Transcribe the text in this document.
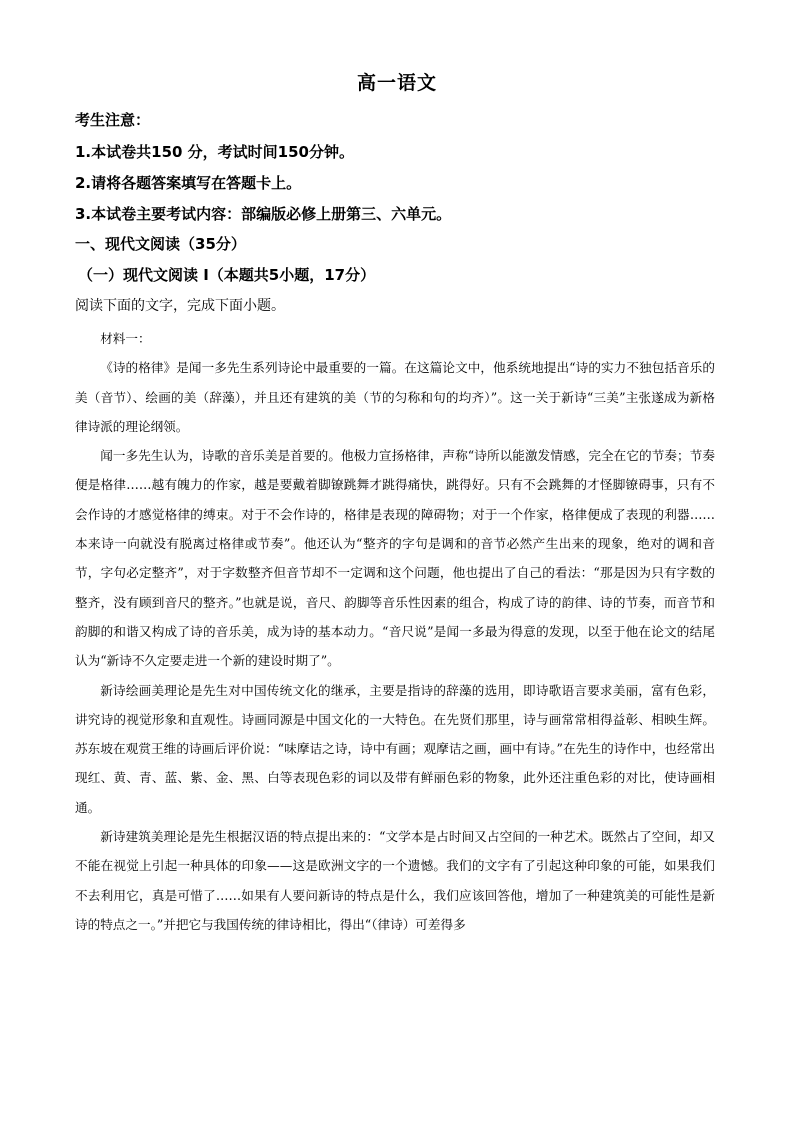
高一语文
考生注意：
1.本试卷共150 分，考试时间150分钟。
2.请将各题答案填写在答题卡上。
3.本试卷主要考试内容：部编版必修上册第三、六单元。
一、现代文阅读（35分）
（一）现代文阅读 I（本题共5小题，17分）
阅读下面的文字，完成下面小题。

材料一：

《诗的格律》是闻一多先生系列诗论中最重要的一篇。在这篇论文中，他系统地提出“诗的实力不独包括音乐的美（音节）、绘画的美（辞藻），并且还有建筑的美（节的匀称和句的均齐）”。这一关于新诗“三美”主张遂成为新格律诗派的理论纲领。

闻一多先生认为，诗歌的音乐美是首要的。他极力宣扬格律，声称“诗所以能激发情感，完全在它的节奏；节奏便是格律……越有魄力的作家，越是要戴着脚镣跳舞才跳得痛快，跳得好。只有不会跳舞的才怪脚镣碍事，只有不会作诗的才感觉格律的缚束。对于不会作诗的，格律是表现的障碍物；对于一个作家，格律便成了表现的利器……本来诗一向就没有脱离过格律或节奏”。他还认为“整齐的字句是调和的音节必然产生出来的现象，绝对的调和音节，字句必定整齐”，对于字数整齐但音节却不一定调和这个问题，他也提出了自己的看法：“那是因为只有字数的整齐，没有顾到音尺的整齐。”也就是说，音尺、韵脚等音乐性因素的组合，构成了诗的韵律、诗的节奏，而音节和韵脚的和谐又构成了诗的音乐美，成为诗的基本动力。“音尺说”是闻一多最为得意的发现，以至于他在论文的结尾认为“新诗不久定要走进一个新的建设时期了”。

新诗绘画美理论是先生对中国传统文化的继承，主要是指诗的辞藻的选用，即诗歌语言要求美丽，富有色彩，讲究诗的视觉形象和直观性。诗画同源是中国文化的一大特色。在先贤们那里，诗与画常常相得益彰、相映生辉。苏东坡在观赏王维的诗画后评价说：“味摩诘之诗，诗中有画；观摩诘之画，画中有诗。”在先生的诗作中，也经常出现红、黄、青、蓝、紫、金、黑、白等表现色彩的词以及带有鲜丽色彩的物象，此外还注重色彩的对比，使诗画相通。

新诗建筑美理论是先生根据汉语的特点提出来的：“文学本是占时间又占空间的一种艺术。既然占了空间，却又不能在视觉上引起一种具体的印象——这是欧洲文字的一个遗憾。我们的文字有了引起这种印象的可能，如果我们不去利用它，真是可惜了……如果有人要问新诗的特点是什么，我们应该回答他，增加了一种建筑美的可能性是新诗的特点之一。”并把它与我国传统的律诗相比，得出“（律诗）可差得多
